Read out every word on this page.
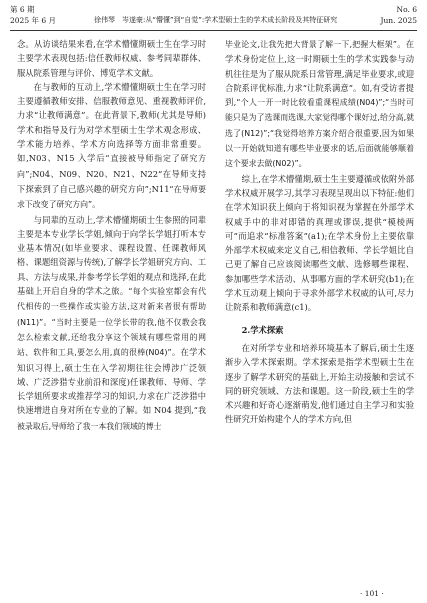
第 6 期
2025 年 6 月	徐伟琴　岑遂豪:从“懵懂”到“自觉”:学术型硕士生的学术成长阶段及其特征研究
No. 6
Jun. 2025

念。从访谈结果来看,在学术懵懂期硕士生在学习时主要学术表现包括:信任教师权威、参考同辈群体、服从院系管理与评价、博览学术文献。

在与教师的互动上,学术懵懂期硕士生在学习时主要遵循教师安排、信服教师意见、重视教师评价,力求“让教师满意”。在此背景下,教师(尤其是导师)学术和指导及行为对学术型硕士生学术观念形成、学术能力培养、学术方向选择等方面非常重要。如,N03、N15 入学后“直接被导师指定了研究方向”;N04、N09、N20、N21、N22“在导师支持下探索到了自己感兴趣的研究方向”;N11“在导师要求下改变了研究方向”。

与同辈的互动上,学术懵懂期硕士生参照的同辈主要是本专业学长学姐,倾向于向学长学姐打听本专业基本情况(如毕业要求、课程设置、任课教师风格、课题组资源与传统),了解学长学姐研究方向、工具、方法与成果,并参考学长学姐的观点和选择,在此基础上开启自身的学术之旅。“每个实验室都会有代代相传的一些操作或实验方法,这对新来者很有帮助(N11)”。“当时主要是一位学长带的我,他不仅教会我怎么检索文献,还给我分享这个领域有哪些常用的网站、软件和工具,要怎么用,真的很棒(N04)”。在学术知识习得上,硕士生在入学初期往往会博涉广泛领域、广泛涉猎专业前沿和深度)任课教师、导师、学长学姐所要求或推荐学习的知识,力求在广泛涉猎中快速增进自身对所在专业的了解。如 N04 提到,“我被录取后,导师给了我一本我们领域的博士

毕业论文,让我先把大背景了解一下,把握大框架”。在学术身份定位上,这一时期硕士生的学术实践参与动机往往是为了服从院系日常管理,满足毕业要求,或迎合院系评优标准,力求“让院系满意”。如,有受访者提到,“个人一开一时比较看重课程成绩(N04)”;“当时可能只是为了选课而选课,大家觉得哪个课好过,给分高,就选了(N12)”;“我觉得培养方案介绍合很重要,因为如果以一开始就知道有哪些毕业要求的话,后面就能够顺着这个要求去做(N02)”。

综上,在学术懵懂期,硕士生主要遵循或依附外部学术权威开展学习,其学习表现呈现出以下特征:他们在学术知识获上倾向于将知识视为掌握在外部学术权威手中的非对即错的真理或谬误,提供“模棱两可”而追求“标准答案”(a1);在学术身份上主要依靠外部学术权威来定义自己,相信教师、学长学姐比自己更了解自己应该阅读哪些文献、选修哪些课程、参加哪些学术活动、从事哪方面的学术研究(b1);在学术互动观上倾向于寻求外部学术权威的认可,尽力让院系和教师满意(c1)。

2.学术探索

在对所学专业和培养环境基本了解后,硕士生逐渐步入学术探索期。学术探索是指学术型硕士生在逐步了解学术研究的基础上,开始主动接触和尝试不同的研究领域、方法和课题。这一阶段,硕士生的学术兴趣和好奇心逐渐萌发,他们通过自主学习和实验性研究开始构建个人的学术方向,但

· 101 ·
